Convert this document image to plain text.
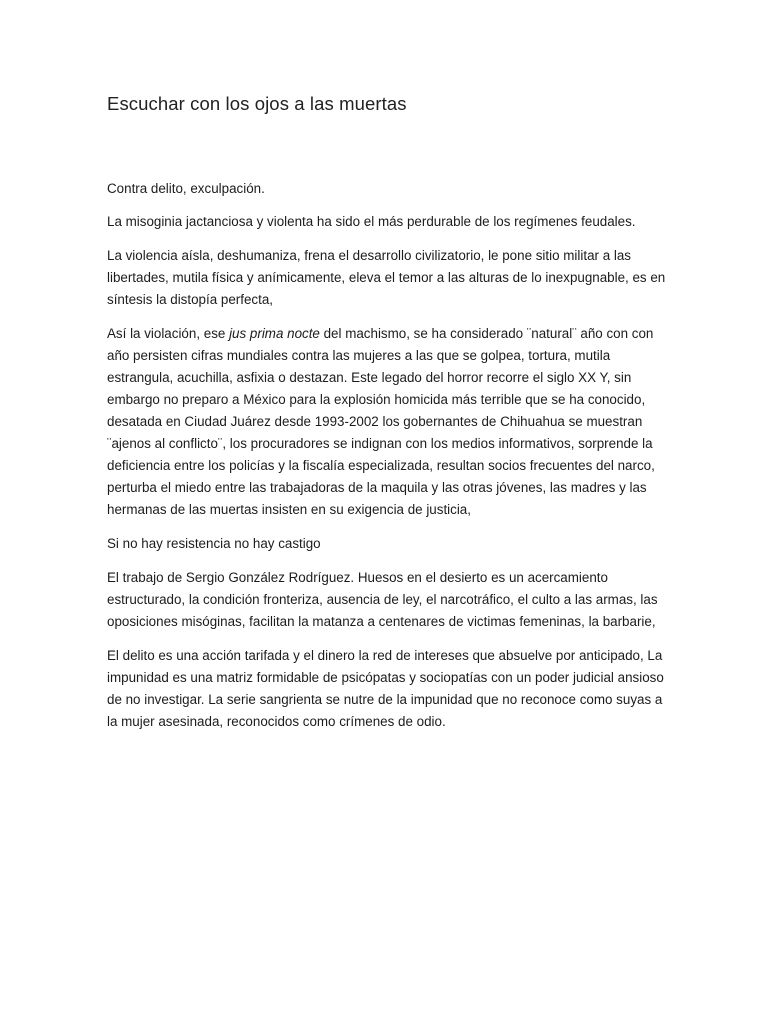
Escuchar con los ojos a las muertas

Contra delito, exculpación.

La misoginia jactanciosa y violenta ha sido el más perdurable de los regímenes feudales.

La violencia aísla, deshumaniza, frena el desarrollo civilizatorio, le pone sitio militar a las libertades, mutila física y anímicamente, eleva el temor a las alturas de lo inexpugnable, es en síntesis la distopía perfecta,

Así la violación, ese jus prima nocte del machismo, se ha considerado ¨natural¨ año con con año persisten cifras mundiales contra las mujeres a las que se golpea, tortura, mutila estrangula, acuchilla, asfixia o destazan. Este legado del horror recorre el siglo XX Y, sin embargo no preparo a México para la explosión homicida más terrible que se ha conocido, desatada en Ciudad Juárez desde 1993-2002 los gobernantes de Chihuahua se muestran ¨ajenos al conflicto¨, los procuradores se indignan con los medios informativos, sorprende la deficiencia entre los policías y la fiscalía especializada, resultan socios frecuentes del narco, perturba el miedo entre las trabajadoras de la maquila y las otras jóvenes, las madres y las hermanas de las muertas insisten en su exigencia de justicia,

Si no hay resistencia no hay castigo

El trabajo de Sergio González Rodríguez. Huesos en el desierto es un acercamiento estructurado, la condición fronteriza, ausencia de ley, el narcotráfico, el culto a las armas, las oposiciones misóginas, facilitan la matanza a centenares de victimas femeninas, la barbarie,

El delito es una acción tarifada y el dinero la red de intereses que absuelve por anticipado, La impunidad es una matriz formidable de psicópatas y sociopatías con un poder judicial ansioso de no investigar. La serie sangrienta se nutre de la impunidad que no reconoce como suyas a la mujer asesinada, reconocidos como crímenes de odio.
